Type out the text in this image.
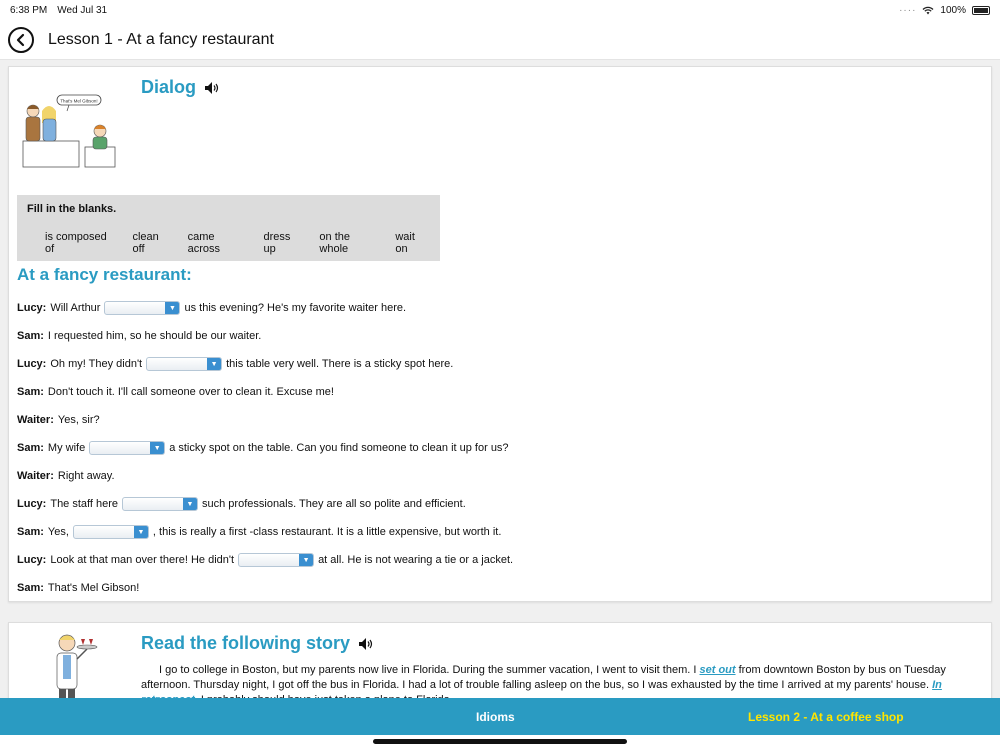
6:38 PM Wed Jul 31	···· 100%
Lesson 1 - At a fancy restaurant
That's Mel Gibson!
Dialog
Fill in the blanks.
is composed of
clean off
came across
dress up
on the whole
wait on
At a fancy restaurant:
Lucy: Will Arthur	▼ us this evening? He's my favorite waiter here.
Sam: I requested him, so he should be our waiter.
Lucy: Oh my! They didn't	▼ this table very well. There is a sticky spot here.
Sam: Don't touch it. I'll call someone over to clean it. Excuse me!
Waiter: Yes, sir?
Sam: My wife	▼ a sticky spot on the table. Can you find someone to clean it up for us?
Waiter: Right away.
Lucy: The staff here	▼ such professionals. They are all so polite and efficient.
Sam: Yes,	▼ , this is really a first -class restaurant. It is a little expensive, but worth it.
Lucy: Look at that man over there! He didn't	▼ at all. He is not wearing a tie or a jacket.
Sam: That's Mel Gibson!
Read the following story
I go to college in Boston, but my parents now live in Florida. During the summer vacation, I went to visit them. I set out from downtown Boston by bus on Tuesday afternoon. Thursday night, I got off the bus in Florida. I had a lot of trouble falling asleep on the bus, so I was exhausted by the time I arrived at my parents' house. In
Idioms	Lesson 2 - At a coffee shop
